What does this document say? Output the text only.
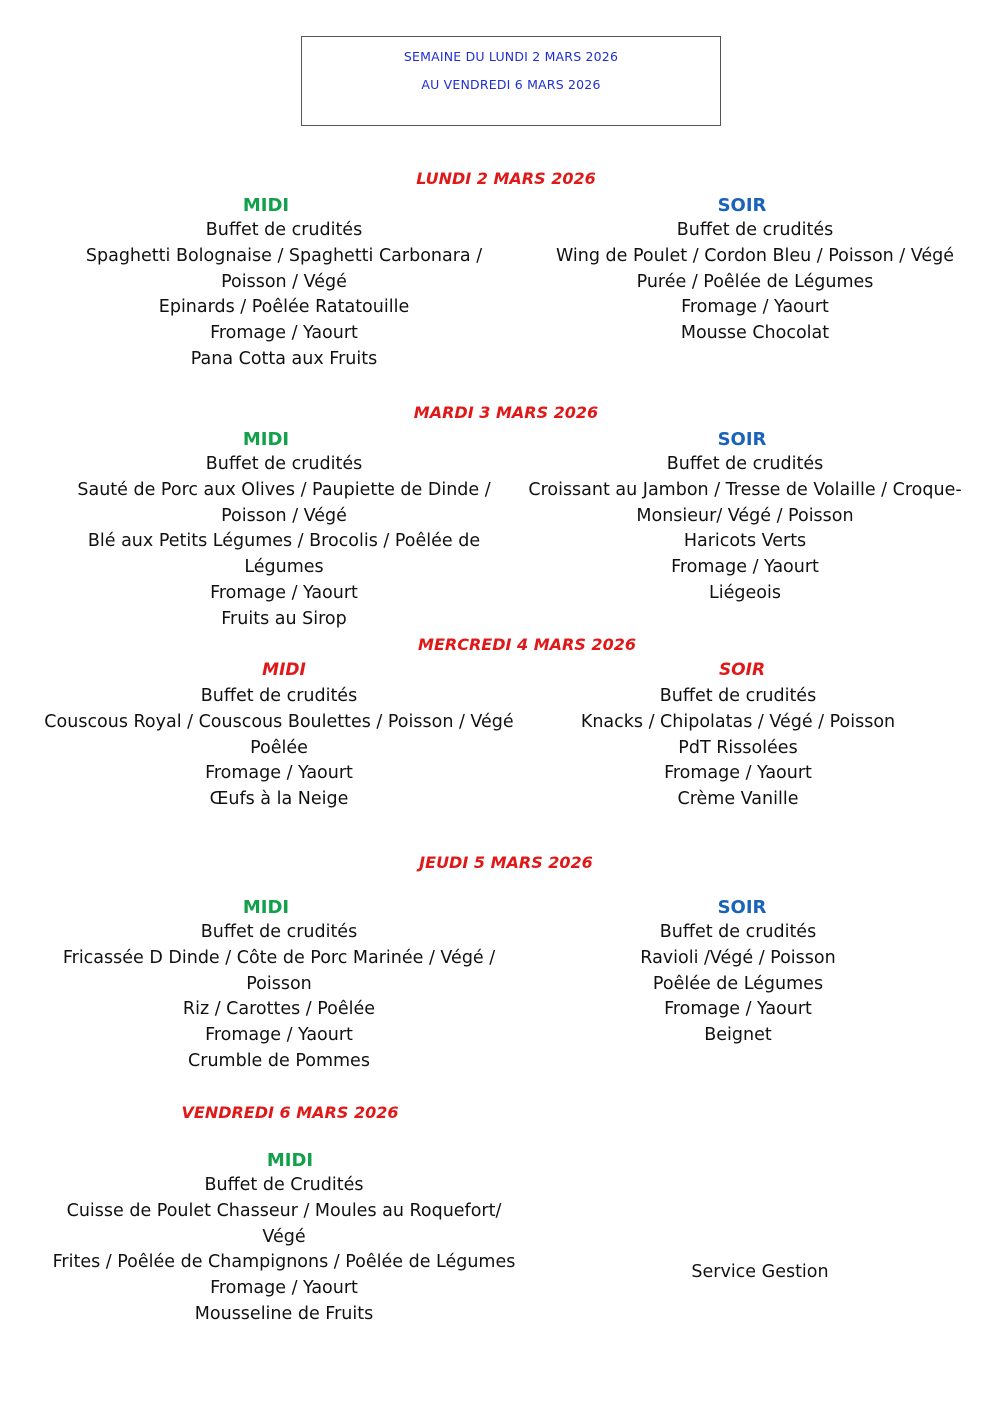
SEMAINE DU LUNDI 2 MARS 2026
AU VENDREDI 6 MARS 2026
LUNDI 2 MARS 2026
MIDI	SOIR
Buffet de crudités
Spaghetti Bolognaise / Spaghetti Carbonara /
Poisson / Végé
Epinards / Poêlée Ratatouille
Fromage / Yaourt
Pana Cotta aux Fruits
Buffet de crudités
Wing de Poulet / Cordon Bleu / Poisson / Végé
Purée / Poêlée de Légumes
Fromage / Yaourt
Mousse Chocolat
MARDI 3 MARS 2026
MIDI	SOIR
Buffet de crudités
Sauté de Porc aux Olives / Paupiette de Dinde /
Poisson / Végé
Blé aux Petits Légumes / Brocolis / Poêlée de
Légumes
Fromage / Yaourt
Fruits au Sirop
Buffet de crudités
Croissant au Jambon / Tresse de Volaille / Croque-
Monsieur/ Végé / Poisson
Haricots Verts
Fromage / Yaourt
Liégeois
MERCREDI 4 MARS 2026
MIDI	SOIR
Buffet de crudités
Couscous Royal / Couscous Boulettes / Poisson / Végé
Poêlée
Fromage / Yaourt
Œufs à la Neige
Buffet de crudités
Knacks / Chipolatas / Végé / Poisson
PdT Rissolées
Fromage / Yaourt
Crème Vanille
JEUDI 5 MARS 2026
MIDI	SOIR
Buffet de crudités
Fricassée D Dinde / Côte de Porc Marinée / Végé /
Poisson
Riz / Carottes / Poêlée
Fromage / Yaourt
Crumble de Pommes
Buffet de crudités
Ravioli /Végé / Poisson
Poêlée de Légumes
Fromage / Yaourt
Beignet
VENDREDI 6 MARS 2026
MIDI
Buffet de Crudités
Cuisse de Poulet Chasseur / Moules au Roquefort/
Végé
Frites / Poêlée de Champignons / Poêlée de Légumes
Fromage / Yaourt
Mousseline de Fruits
Service Gestion
